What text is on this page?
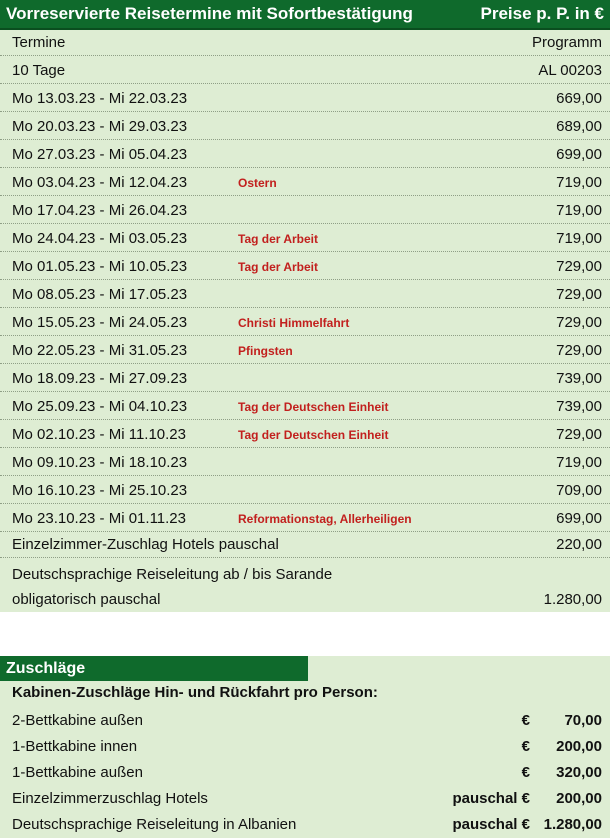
Vorreservierte Reisetermine mit Sofortbestätigung	Preise p. P. in €
Termine	Programm
10 Tage	AL 00203
Mo 13.03.23 - Mi 22.03.23	669,00
Mo 20.03.23 - Mi 29.03.23	689,00
Mo 27.03.23 - Mi 05.04.23	699,00
Mo 03.04.23 - Mi 12.04.23	Ostern	719,00
Mo 17.04.23 - Mi 26.04.23	719,00
Mo 24.04.23 - Mi 03.05.23	Tag der Arbeit	719,00
Mo 01.05.23 - Mi 10.05.23	Tag der Arbeit	729,00
Mo 08.05.23 - Mi 17.05.23	729,00
Mo 15.05.23 - Mi 24.05.23	Christi Himmelfahrt	729,00
Mo 22.05.23 - Mi 31.05.23	Pfingsten	729,00
Mo 18.09.23 - Mi 27.09.23	739,00
Mo 25.09.23 - Mi 04.10.23	Tag der Deutschen Einheit	739,00
Mo 02.10.23 - Mi 11.10.23	Tag der Deutschen Einheit	729,00
Mo 09.10.23 - Mi 18.10.23	719,00
Mo 16.10.23 - Mi 25.10.23	709,00
Mo 23.10.23 - Mi 01.11.23	Reformationstag, Allerheiligen	699,00
Einzelzimmer-Zuschlag Hotels pauschal	220,00
Deutschsprachige Reiseleitung ab / bis Sarande
obligatorisch pauschal	1.280,00
Zuschläge
Kabinen-Zuschläge Hin- und Rückfahrt pro Person:
2-Bettkabine außen	€ 70,00
1-Bettkabine innen	€ 200,00
1-Bettkabine außen	€ 320,00
Einzelzimmerzuschlag Hotels	pauschal € 200,00
Deutschsprachige Reiseleitung in Albanien	pauschal € 1.280,00
